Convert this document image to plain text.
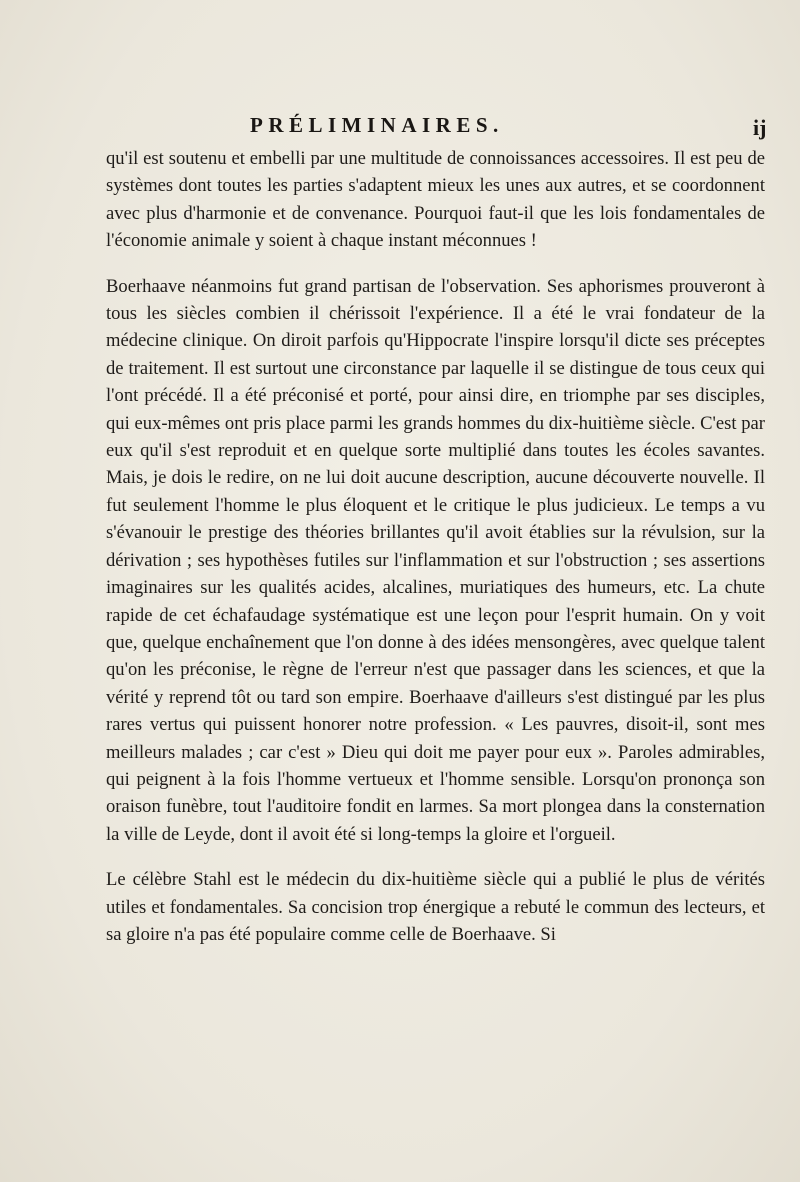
PRÉLIMINAIRES.	ij

qu'il est soutenu et embelli par une multitude de connoissances accessoires. Il est peu de systèmes dont toutes les parties s'adaptent mieux les unes aux autres, et se coordonnent avec plus d'harmonie et de convenance. Pourquoi faut-il que les lois fondamentales de l'économie animale y soient à chaque instant méconnues !

Boerhaave néanmoins fut grand partisan de l'observation. Ses aphorismes prouveront à tous les siècles combien il chérissoit l'expérience. Il a été le vrai fondateur de la médecine clinique. On diroit parfois qu'Hippocrate l'inspire lorsqu'il dicte ses préceptes de traitement. Il est surtout une circonstance par laquelle il se distingue de tous ceux qui l'ont précédé. Il a été préconisé et porté, pour ainsi dire, en triomphe par ses disciples, qui eux-mêmes ont pris place parmi les grands hommes du dix-huitième siècle. C'est par eux qu'il s'est reproduit et en quelque sorte multiplié dans toutes les écoles savantes. Mais, je dois le redire, on ne lui doit aucune description, aucune découverte nouvelle. Il fut seulement l'homme le plus éloquent et le critique le plus judicieux. Le temps a vu s'évanouir le prestige des théories brillantes qu'il avoit établies sur la révulsion, sur la dérivation ; ses hypothèses futiles sur l'inflammation et sur l'obstruction ; ses assertions imaginaires sur les qualités acides, alcalines, muriatiques des humeurs, etc. La chute rapide de cet échafaudage systématique est une leçon pour l'esprit humain. On y voit que, quelque enchaînement que l'on donne à des idées mensongères, avec quelque talent qu'on les préconise, le règne de l'erreur n'est que passager dans les sciences, et que la vérité y reprend tôt ou tard son empire. Boerhaave d'ailleurs s'est distingué par les plus rares vertus qui puissent honorer notre profession. « Les pauvres, disoit-il, sont mes meilleurs malades ; car c'est » Dieu qui doit me payer pour eux ». Paroles admirables, qui peignent à la fois l'homme vertueux et l'homme sensible. Lorsqu'on prononça son oraison funèbre, tout l'auditoire fondit en larmes. Sa mort plongea dans la consternation la ville de Leyde, dont il avoit été si long-temps la gloire et l'orgueil.

Le célèbre Stahl est le médecin du dix-huitième siècle qui a publié le plus de vérités utiles et fondamentales. Sa concision trop énergique a rebuté le commun des lecteurs, et sa gloire n'a pas été populaire comme celle de Boerhaave. Si
